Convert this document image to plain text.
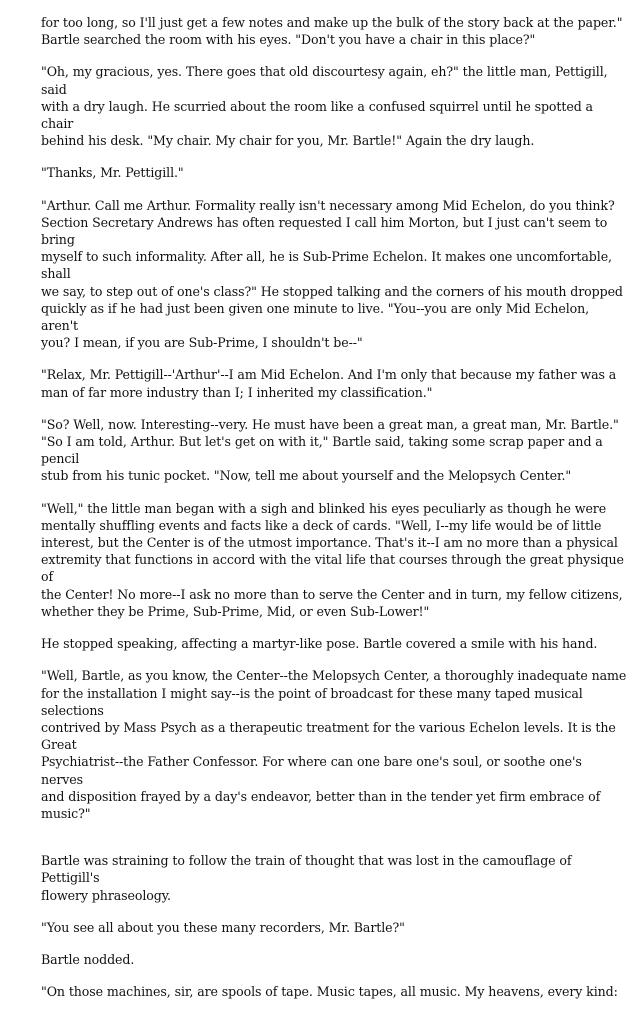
for too long, so I'll just get a few notes and make up the bulk of the story back at the paper."
Bartle searched the room with his eyes. "Don't you have a chair in this place?"

"Oh, my gracious, yes. There goes that old discourtesy again, eh?" the little man, Pettigill, said
with a dry laugh. He scurried about the room like a confused squirrel until he spotted a chair
behind his desk. "My chair. My chair for you, Mr. Bartle!" Again the dry laugh.

"Thanks, Mr. Pettigill."

"Arthur. Call me Arthur. Formality really isn't necessary among Mid Echelon, do you think?
Section Secretary Andrews has often requested I call him Morton, but I just can't seem to bring
myself to such informality. After all, he is Sub-Prime Echelon. It makes one uncomfortable, shall
we say, to step out of one's class?" He stopped talking and the corners of his mouth dropped
quickly as if he had just been given one minute to live. "You--you are only Mid Echelon, aren't
you? I mean, if you are Sub-Prime, I shouldn't be--"

"Relax, Mr. Pettigill--'Arthur'--I am Mid Echelon. And I'm only that because my father was a
man of far more industry than I; I inherited my classification."

"So? Well, now. Interesting--very. He must have been a great man, a great man, Mr. Bartle."

"So I am told, Arthur. But let's get on with it," Bartle said, taking some scrap paper and a pencil
stub from his tunic pocket. "Now, tell me about yourself and the Melopsych Center."

"Well," the little man began with a sigh and blinked his eyes peculiarly as though he were
mentally shuffling events and facts like a deck of cards. "Well, I--my life would be of little
interest, but the Center is of the utmost importance. That's it--I am no more than a physical
extremity that functions in accord with the vital life that courses through the great physique of
the Center! No more--I ask no more than to serve the Center and in turn, my fellow citizens,
whether they be Prime, Sub-Prime, Mid, or even Sub-Lower!"

He stopped speaking, affecting a martyr-like pose. Bartle covered a smile with his hand.

"Well, Bartle, as you know, the Center--the Melopsych Center, a thoroughly inadequate name
for the installation I might say--is the point of broadcast for these many taped musical selections
contrived by Mass Psych as a therapeutic treatment for the various Echelon levels. It is the Great
Psychiatrist--the Father Confessor. For where can one bare one's soul, or soothe one's nerves
and disposition frayed by a day's endeavor, better than in the tender yet firm embrace of
music?"

Bartle was straining to follow the train of thought that was lost in the camouflage of Pettigill's
flowery phraseology.

"You see all about you these many recorders, Mr. Bartle?"

Bartle nodded.

"On those machines, sir, are spools of tape. Music tapes, all music. My heavens, every kind:
